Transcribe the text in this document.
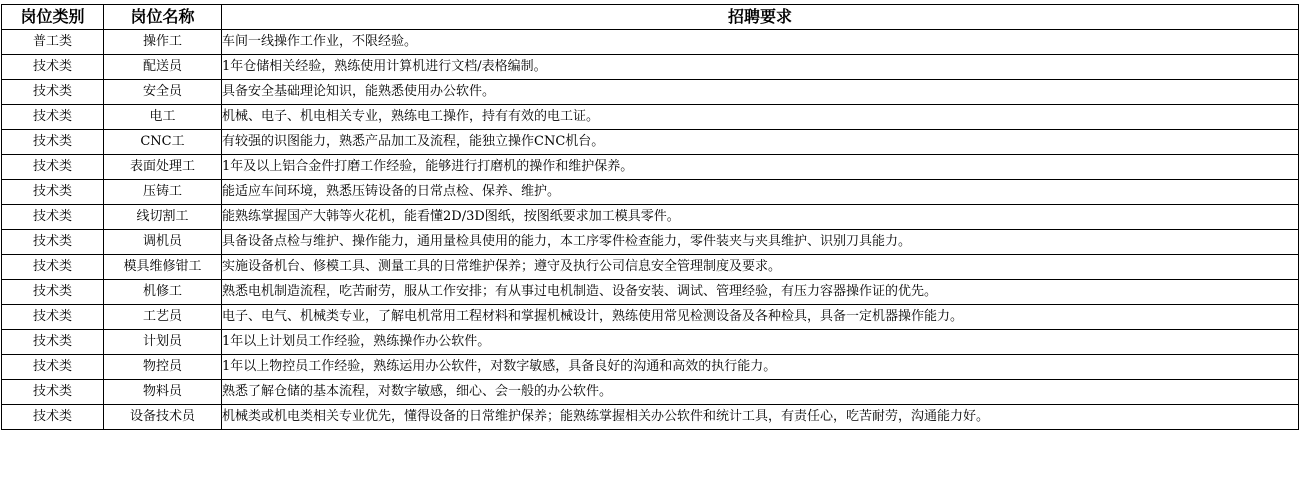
岗位类别	岗位名称	招聘要求
普工类	操作工	车间一线操作工作业，不限经验。
技术类	配送员	1年仓储相关经验，熟练使用计算机进行文档/表格编制。
技术类	安全员	具备安全基础理论知识，能熟悉使用办公软件。
技术类	电工	机械、电子、机电相关专业，熟练电工操作，持有有效的电工证。
技术类	CNC工	有较强的识图能力，熟悉产品加工及流程，能独立操作CNC机台。
技术类	表面处理工	1年及以上铝合金件打磨工作经验，能够进行打磨机的操作和维护保养。
技术类	压铸工	能适应车间环境，熟悉压铸设备的日常点检、保养、维护。
技术类	线切割工	能熟练掌握国产大韩等火花机，能看懂2D/3D图纸，按图纸要求加工模具零件。
技术类	调机员	具备设备点检与维护、操作能力，通用量检具使用的能力，本工序零件检查能力，零件装夹与夹具维护、识别刀具能力。
技术类	模具维修钳工	实施设备机台、修模工具、测量工具的日常维护保养；遵守及执行公司信息安全管理制度及要求。
技术类	机修工	熟悉电机制造流程，吃苦耐劳，服从工作安排；有从事过电机制造、设备安装、调试、管理经验，有压力容器操作证的优先。
技术类	工艺员	电子、电气、机械类专业，了解电机常用工程材料和掌握机械设计，熟练使用常见检测设备及各种检具，具备一定机器操作能力。
技术类	计划员	1年以上计划员工作经验，熟练操作办公软件。
技术类	物控员	1年以上物控员工作经验，熟练运用办公软件，对数字敏感，具备良好的沟通和高效的执行能力。
技术类	物料员	熟悉了解仓储的基本流程，对数字敏感，细心、会一般的办公软件。
技术类	设备技术员	机械类或机电类相关专业优先，懂得设备的日常维护保养；能熟练掌握相关办公软件和统计工具，有责任心，吃苦耐劳，沟通能力好。
